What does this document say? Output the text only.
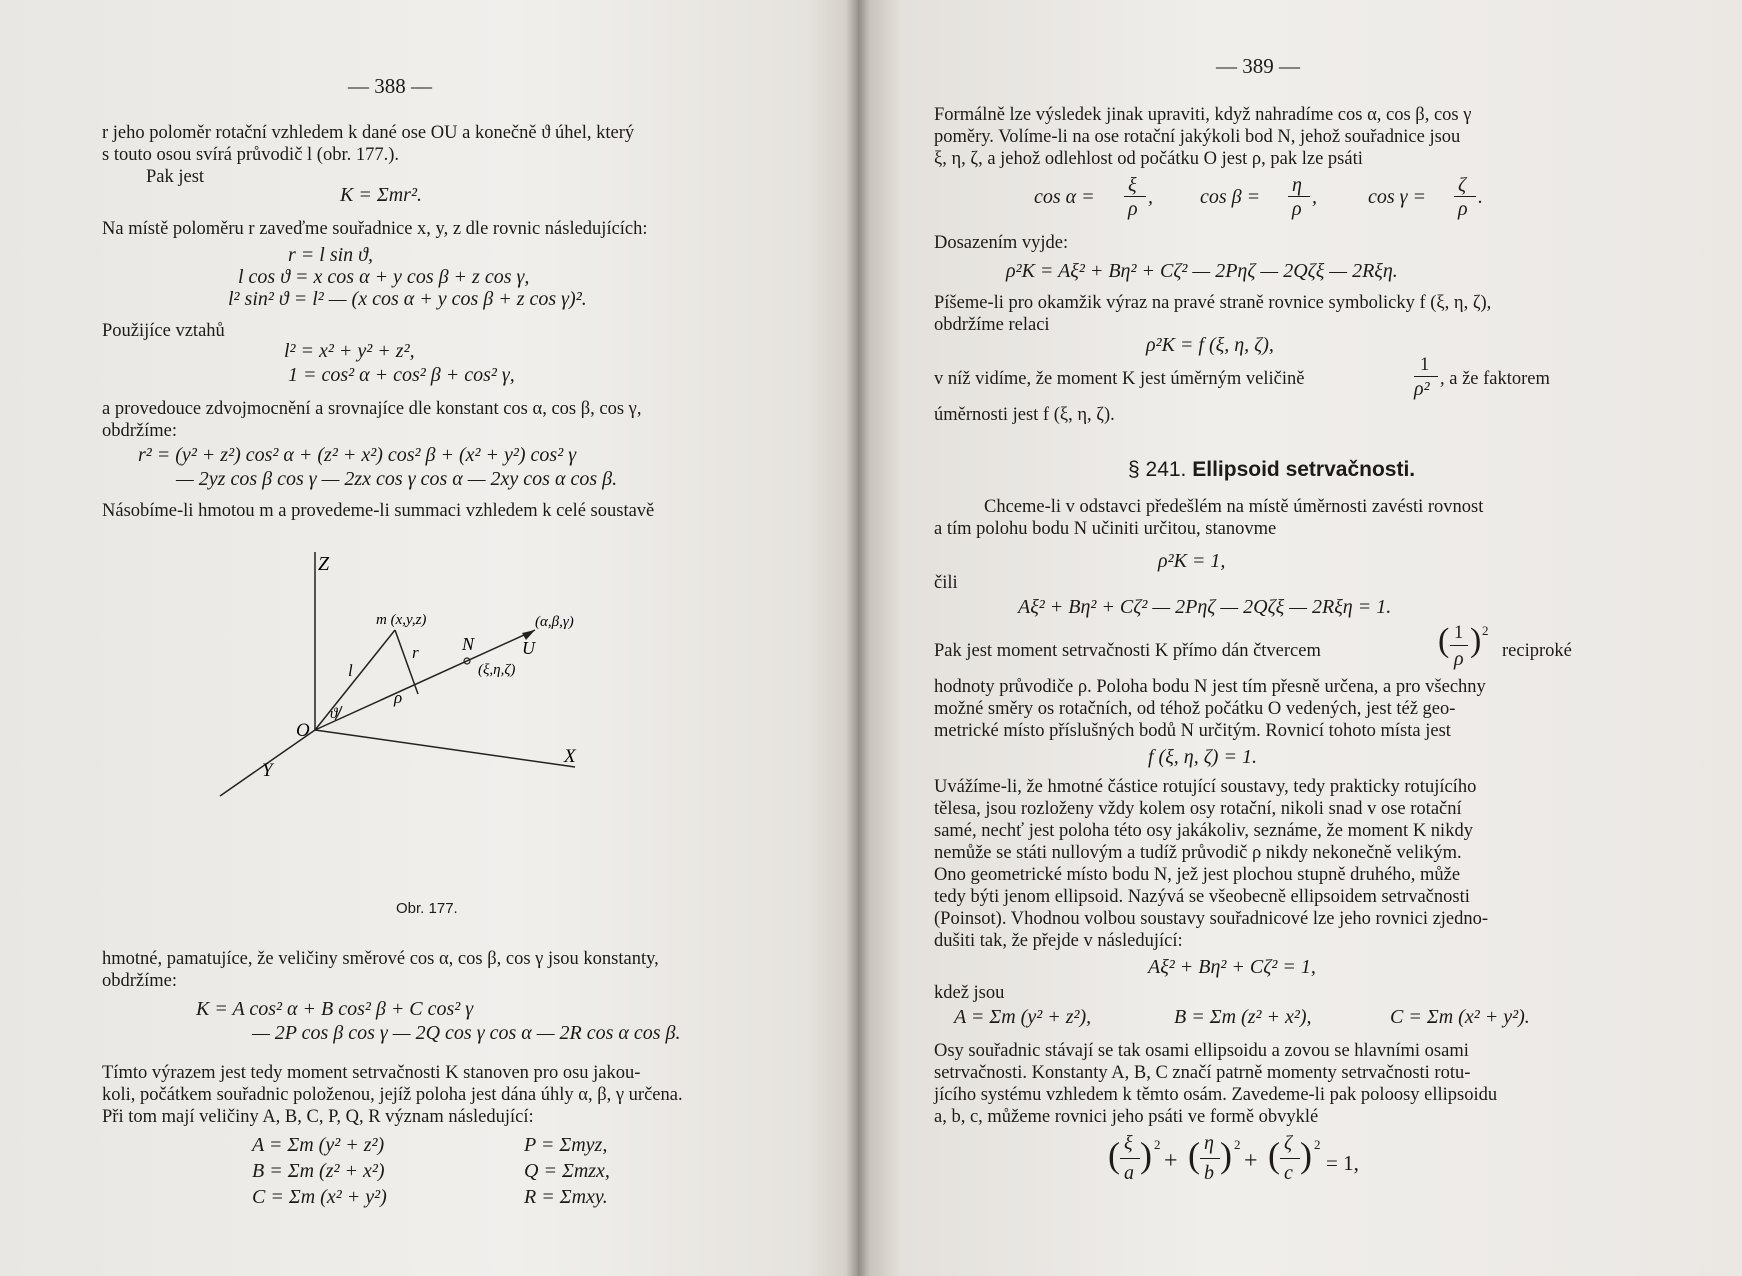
— 388 —
r jeho poloměr rotační vzhledem k dané ose OU a konečně ϑ úhel, který
s touto osou svírá průvodič l (obr. 177.).
Pak jest
K = Σmr².
Na místě poloměru r zaveďme souřadnice x, y, z dle rovnic následujících:
r = l sin ϑ,
l cos ϑ = x cos α + y cos β + z cos γ,
l² sin² ϑ = l² — (x cos α + y cos β + z cos γ)².
Použijíce vztahů
l² = x² + y² + z²,
1 = cos² α + cos² β + cos² γ,
a provedouce zdvojmocnění a srovnajíce dle konstant cos α, cos β, cos γ,
obdržíme:
r² = (y² + z²) cos² α + (z² + x²) cos² β + (x² + y²) cos² γ
— 2yz cos β cos γ — 2zx cos γ cos α — 2xy cos α cos β.
Násobíme-li hmotou m a provedeme-li summaci vzhledem k celé soustavě
Z
m (x,y,z)	(α,β,γ)
l
r N	U
(ξ,η,ζ)
ρ
ϑ
O
X
Y
Obr. 177.
hmotné, pamatujíce, že veličiny směrové cos α, cos β, cos γ jsou konstanty,
obdržíme:
K = A cos² α + B cos² β + C cos² γ
— 2P cos β cos γ — 2Q cos γ cos α — 2R cos α cos β.
Tímto výrazem jest tedy moment setrvačnosti K stanoven pro osu jakou-
koli, počátkem souřadnic položenou, jejíž poloha jest dána úhly α, β, γ určena.
Při tom mají veličiny A, B, C, P, Q, R význam následující:
A = Σm (y² + z²)
B = Σm (z² + x²)
C = Σm (x² + y²)
P = Σmyz,
Q = Σmzx,
R = Σmxy.
— 389 —
Formálně lze výsledek jinak upraviti, když nahradíme cos α, cos β, cos γ
poměry. Volíme-li na ose rotační jakýkoli bod N, jehož souřadnice jsou
ξ, η, ζ, a jehož odlehlost od počátku O jest ρ, pak lze psáti
cos α =
ξ
ρ
, cos β =
η
ρ
,	cos γ =
ζ
ρ
.
Dosazením vyjde:
ρ²K = Aξ² + Bη² + Cζ² — 2Pηζ — 2Qζξ — 2Rξη.
Píšeme-li pro okamžik výraz na pravé straně rovnice symbolicky f (ξ, η, ζ),
obdržíme relaci
ρ²K = f (ξ, η, ζ),
v níž vidíme, že moment K jest úměrným veličině
1
ρ² , a že faktorem
úměrnosti jest f (ξ, η, ζ).
§ 241. Ellipsoid setrvačnosti.
Chceme-li v odstavci předešlém na místě úměrnosti zavésti rovnost
a tím polohu bodu N učiniti určitou, stanovme
ρ²K = 1,
čili
Aξ² + Bη² + Cζ² — 2Pηζ — 2Qζξ — 2Rξη = 1.
Pak jest moment setrvačnosti K přímo dán čtvercem	( 1
ρ ) 2
reciproké
hodnoty průvodiče ρ. Poloha bodu N jest tím přesně určena, a pro všechny
možné směry os rotačních, od téhož počátku O vedených, jest též geo-
metrické místo příslušných bodů N určitým. Rovnicí tohoto místa jest
f (ξ, η, ζ) = 1.
Uvážíme-li, že hmotné částice rotující soustavy, tedy prakticky rotujícího
tělesa, jsou rozloženy vždy kolem osy rotační, nikoli snad v ose rotační
samé, nechť jest poloha této osy jakákoliv, seznáme, že moment K nikdy
nemůže se státi nullovým a tudíž průvodič ρ nikdy nekonečně velikým.
Ono geometrické místo bodu N, jež jest plochou stupně druhého, může
tedy býti jenom ellipsoid. Nazývá se všeobecně ellipsoidem setrvačnosti
(Poinsot). Vhodnou volbou soustavy souřadnicové lze jeho rovnici zjedno-
dušiti tak, že přejde v následující:
Aξ² + Bη² + Cζ² = 1,
kdež jsou
A = Σm (y² + z²),	B = Σm (z² + x²),	C = Σm (x² + y²).
Osy souřadnic stávají se tak osami ellipsoidu a zovou se hlavními osami
setrvačnosti. Konstanty A, B, C značí patrně momenty setrvačnosti rotu-
jícího systému vzhledem k těmto osám. Zavedeme-li pak poloosy ellipsoidu
a, b, c, můžeme rovnici jeho psáti ve formě obvyklé
( ξ
a ) 2
+ ( η
b ) 2
+ ( ζ
c ) 2
= 1,
